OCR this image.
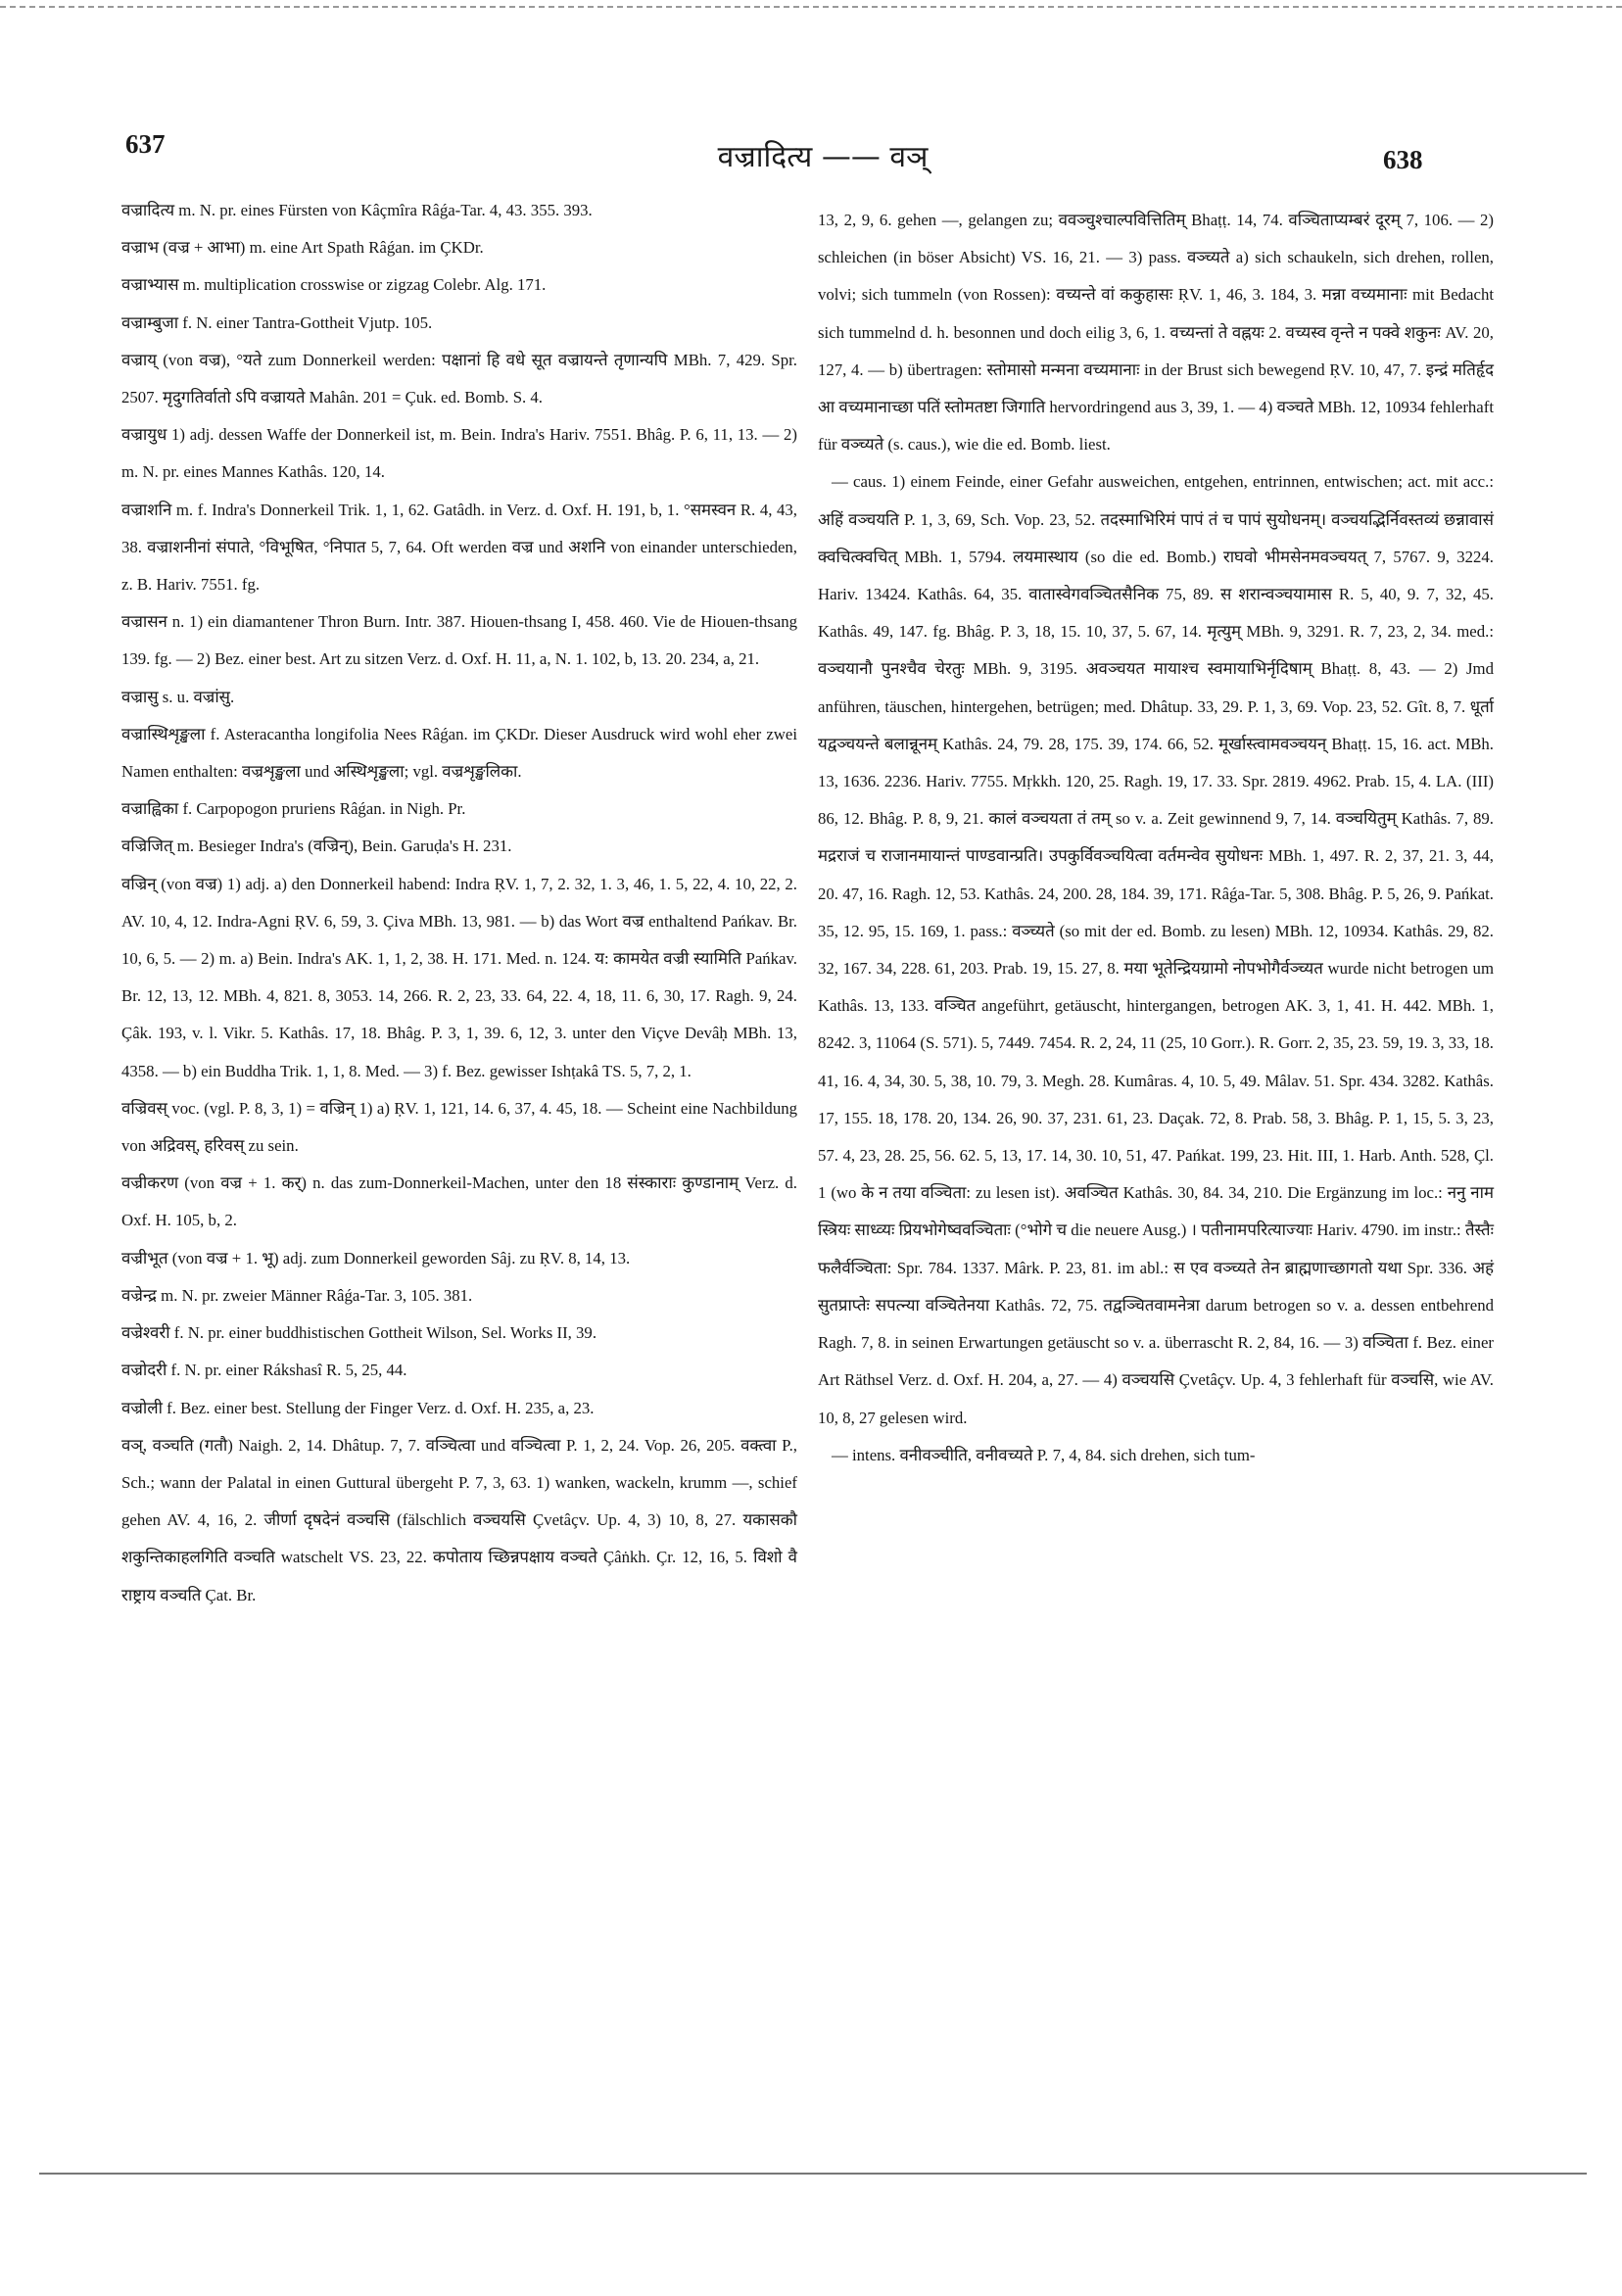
637	वज्रादित्य —— वञ्	638

वज्रादित्य m. N. pr. eines Fürsten von Kâçmîra Râǵa-Tar. 4, 43. 355. 393.

वज्राभ (वज्र + आभा) m. eine Art Spath Râǵan. im ÇKDr.

वज्राभ्यास m. multiplication crosswise or zigzag Colebr. Alg. 171.

वज्राम्बुजा f. N. einer Tantra-Gottheit Vjutp. 105.

वज्राय् (von वज्र), °यते zum Donnerkeil werden: पक्षानां हि वधे सूत वज्रायन्ते तृणान्यपि MBh. 7, 429. Spr. 2507. मृदुगतिर्वातो ऽपि वज्रायते Mahân. 201 = Çuk. ed. Bomb. S. 4.

वज्रायुध 1) adj. dessen Waffe der Donnerkeil ist, m. Bein. Indra's Hariv. 7551. Bhâg. P. 6, 11, 13. — 2) m. N. pr. eines Mannes Kathâs. 120, 14.

वज्राशनि m. f. Indra's Donnerkeil Trik. 1, 1, 62. Gatâdh. in Verz. d. Oxf. H. 191, b, 1. °समस्वन R. 4, 43, 38. वज्राशनीनां संपाते, °विभूषित, °निपात 5, 7, 64. Oft werden वज्र und अशनि von einander unterschieden, z. B. Hariv. 7551. fg.

वज्रासन n. 1) ein diamantener Thron Burn. Intr. 387. Hiouen-thsang I, 458. 460. Vie de Hiouen-thsang 139. fg. — 2) Bez. einer best. Art zu sitzen Verz. d. Oxf. H. 11, a, N. 1. 102, b, 13. 20. 234, a, 21.

वज्रासु s. u. वज्रांसु.

वज्रास्थिशृङ्खला f. Asteracantha longifolia Nees Râǵan. im ÇKDr. Dieser Ausdruck wird wohl eher zwei Namen enthalten: वज्रशृङ्खला und अस्थिशृङ्खला; vgl. वज्रशृङ्खलिका.

वज्राह्विका f. Carpopogon pruriens Râǵan. in Nigh. Pr.

वज्रिजित् m. Besieger Indra's (वज्रिन्), Bein. Garuḍa's H. 231.

वज्रिन् (von वज्र) 1) adj. a) den Donnerkeil habend: Indra ṚV. 1, 7, 2. 32, 1. 3, 46, 1. 5, 22, 4. 10, 22, 2. AV. 10, 4, 12. Indra-Agni ṚV. 6, 59, 3. Çiva MBh. 13, 981. — b) das Wort वज्र enthaltend Pańkav. Br. 10, 6, 5. — 2) m. a) Bein. Indra's AK. 1, 1, 2, 38. H. 171. Med. n. 124. य: कामयेत वज्री स्यामिति Pańkav. Br. 12, 13, 12. MBh. 4, 821. 8, 3053. 14, 266. R. 2, 23, 33. 64, 22. 4, 18, 11. 6, 30, 17. Ragh. 9, 24. Çâk. 193, v. l. Vikr. 5. Kathâs. 17, 18. Bhâg. P. 3, 1, 39. 6, 12, 3. unter den Viçve Devâḥ MBh. 13, 4358. — b) ein Buddha Trik. 1, 1, 8. Med. — 3) f. Bez. gewisser Ishṭakâ TS. 5, 7, 2, 1.

वज्रिवस् voc. (vgl. P. 8, 3, 1) = वज्रिन् 1) a) ṚV. 1, 121, 14. 6, 37, 4. 45, 18. — Scheint eine Nachbildung von अद्रिवस्, हरिवस् zu sein.

वज्रीकरण (von वज्र + 1. कर्) n. das zum-Donnerkeil-Machen, unter den 18 संस्काराः कुण्डानाम् Verz. d. Oxf. H. 105, b, 2.

वज्रीभूत (von वज्र + 1. भू) adj. zum Donnerkeil geworden Sâj. zu ṚV. 8, 14, 13.

वज्रेन्द्र m. N. pr. zweier Männer Râǵa-Tar. 3, 105. 381.

वज्रेश्वरी f. N. pr. einer buddhistischen Gottheit Wilson, Sel. Works II, 39.

वज्रोदरी f. N. pr. einer Rákshasî R. 5, 25, 44.

वज्रोली f. Bez. einer best. Stellung der Finger Verz. d. Oxf. H. 235, a, 23.

वञ्, वञ्चति (गतौ) Naigh. 2, 14. Dhâtup. 7, 7. वञ्चित्वा und वञ्चित्वा P. 1, 2, 24. Vop. 26, 205. वक्त्वा P., Sch.; wann der Palatal in einen Guttural übergeht P. 7, 3, 63. 1) wanken, wackeln, krumm —, schief gehen AV. 4, 16, 2. जीर्णा दृषदेनं वञ्चसि (fälschlich वञ्चयसि Çvetâçv. Up. 4, 3) 10, 8, 27. यकासकौ शकुन्तिकाहलगिति वञ्चति watschelt VS. 23, 22. कपोताय च्छिन्नपक्षाय वञ्चते Çâṅkh. Çr. 12, 16, 5. विशो वै राष्ट्राय वञ्चति Çat. Br.

13, 2, 9, 6. gehen —, gelangen zu; ववञ्चुश्चाल्पवित्तितिम् Bhaṭṭ. 14, 74. वञ्चिताप्यम्बरं दूरम् 7, 106. — 2) schleichen (in böser Absicht) VS. 16, 21. — 3) pass. वञ्च्यते a) sich schaukeln, sich drehen, rollen, volvi; sich tummeln (von Rossen): वच्यन्ते वां ककुहासः ṚV. 1, 46, 3. 184, 3. मन्ना वच्यमानाः mit Bedacht sich tummelnd d. h. besonnen und doch eilig 3, 6, 1. वच्यन्तां ते वह्नयः 2. वच्यस्व वृन्ते न पक्वे शकुनः AV. 20, 127, 4. — b) übertragen: स्तोमासो मन्मना वच्यमानाः in der Brust sich bewegend ṚV. 10, 47, 7. इन्द्रं मतिर्हृद आ वच्यमानाच्छा पतिं स्तोमतष्टा जिगाति hervordringend aus 3, 39, 1. — 4) वञ्चते MBh. 12, 10934 fehlerhaft für वञ्च्यते (s. caus.), wie die ed. Bomb. liest.

— caus. 1) einem Feinde, einer Gefahr ausweichen, entgehen, entrinnen, entwischen; act. mit acc.: अहिं वञ्चयति P. 1, 3, 69, Sch. Vop. 23, 52. तदस्माभिरिमं पापं तं च पापं सुयोधनम्। वञ्चयद्भिर्निवस्तव्यं छन्नावासं क्वचित्क्वचित् MBh. 1, 5794. लयमास्थाय (so die ed. Bomb.) राघवो भीमसेनमवञ्चयत् 7, 5767. 9, 3224. Hariv. 13424. Kathâs. 64, 35. वातास्वेगवञ्चितसैनिक 75, 89. स शरान्वञ्चयामास R. 5, 40, 9. 7, 32, 45. Kathâs. 49, 147. fg. Bhâg. P. 3, 18, 15. 10, 37, 5. 67, 14. मृत्युम् MBh. 9, 3291. R. 7, 23, 2, 34. med.: वञ्चयानौ पुनश्चैव चेरतुः MBh. 9, 3195. अवञ्चयत मायाश्च स्वमायाभिर्नृदिषाम् Bhaṭṭ. 8, 43. — 2) Jmd anführen, täuschen, hintergehen, betrügen; med. Dhâtup. 33, 29. P. 1, 3, 69. Vop. 23, 52. Gît. 8, 7. धूर्ता यद्वञ्चयन्ते बलान्नूनम् Kathâs. 24, 79. 28, 175. 39, 174. 66, 52. मूर्खास्त्वामवञ्चयन् Bhaṭṭ. 15, 16. act. MBh. 13, 1636. 2236. Hariv. 7755. Mṛkkh. 120, 25. Ragh. 19, 17. 33. Spr. 2819. 4962. Prab. 15, 4. LA. (III) 86, 12. Bhâg. P. 8, 9, 21. कालं वञ्चयता तं तम् so v. a. Zeit gewinnend 9, 7, 14. वञ्चयितुम् Kathâs. 7, 89. मद्रराजं च राजानमायान्तं पाण्डवान्प्रति। उपकुर्विवञ्चयित्वा वर्तमन्वेव सुयोधनः MBh. 1, 497. R. 2, 37, 21. 3, 44, 20. 47, 16. Ragh. 12, 53. Kathâs. 24, 200. 28, 184. 39, 171. Râǵa-Tar. 5, 308. Bhâg. P. 5, 26, 9. Pańkat. 35, 12. 95, 15. 169, 1. pass.: वञ्च्यते (so mit der ed. Bomb. zu lesen) MBh. 12, 10934. Kathâs. 29, 82. 32, 167. 34, 228. 61, 203. Prab. 19, 15. 27, 8. मया भूतेन्द्रियग्रामो नोपभोगैर्वञ्च्यत wurde nicht betrogen um Kathâs. 13, 133. वञ्चित angeführt, getäuscht, hintergangen, betrogen AK. 3, 1, 41. H. 442. MBh. 1, 8242. 3, 11064 (S. 571). 5, 7449. 7454. R. 2, 24, 11 (25, 10 Gorr.). R. Gorr. 2, 35, 23. 59, 19. 3, 33, 18. 41, 16. 4, 34, 30. 5, 38, 10. 79, 3. Megh. 28. Kumâras. 4, 10. 5, 49. Mâlav. 51. Spr. 434. 3282. Kathâs. 17, 155. 18, 178. 20, 134. 26, 90. 37, 231. 61, 23. Daçak. 72, 8. Prab. 58, 3. Bhâg. P. 1, 15, 5. 3, 23, 57. 4, 23, 28. 25, 56. 62. 5, 13, 17. 14, 30. 10, 51, 47. Pańkat. 199, 23. Hit. III, 1. Harb. Anth. 528, Çl. 1 (wo के न तया वञ्चिता: zu lesen ist). अवञ्चित Kathâs. 30, 84. 34, 210. Die Ergänzung im loc.: ननु नाम स्त्रियः साध्व्यः प्रियभोगेष्ववञ्चिताः (°भोगे च die neuere Ausg.) । पतीनामपरित्याज्याः Hariv. 4790. im instr.: तैस्तैः फलैर्वञ्चिता: Spr. 784. 1337. Mârk. P. 23, 81. im abl.: स एव वञ्च्यते तेन ब्राह्मणाच्छागतो यथा Spr. 336. अहं सुतप्राप्तेः सपत्न्या वञ्चितेनया Kathâs. 72, 75. तद्वञ्चितवामनेत्रा darum betrogen so v. a. dessen entbehrend Ragh. 7, 8. in seinen Erwartungen getäuscht so v. a. überrascht R. 2, 84, 16. — 3) वञ्चिता f. Bez. einer Art Räthsel Verz. d. Oxf. H. 204, a, 27. — 4) वञ्चयसि Çvetâçv. Up. 4, 3 fehlerhaft für वञ्चसि, wie AV. 10, 8, 27 gelesen wird.

— intens. वनीवञ्चीति, वनीवच्यते P. 7, 4, 84. sich drehen, sich tum-
